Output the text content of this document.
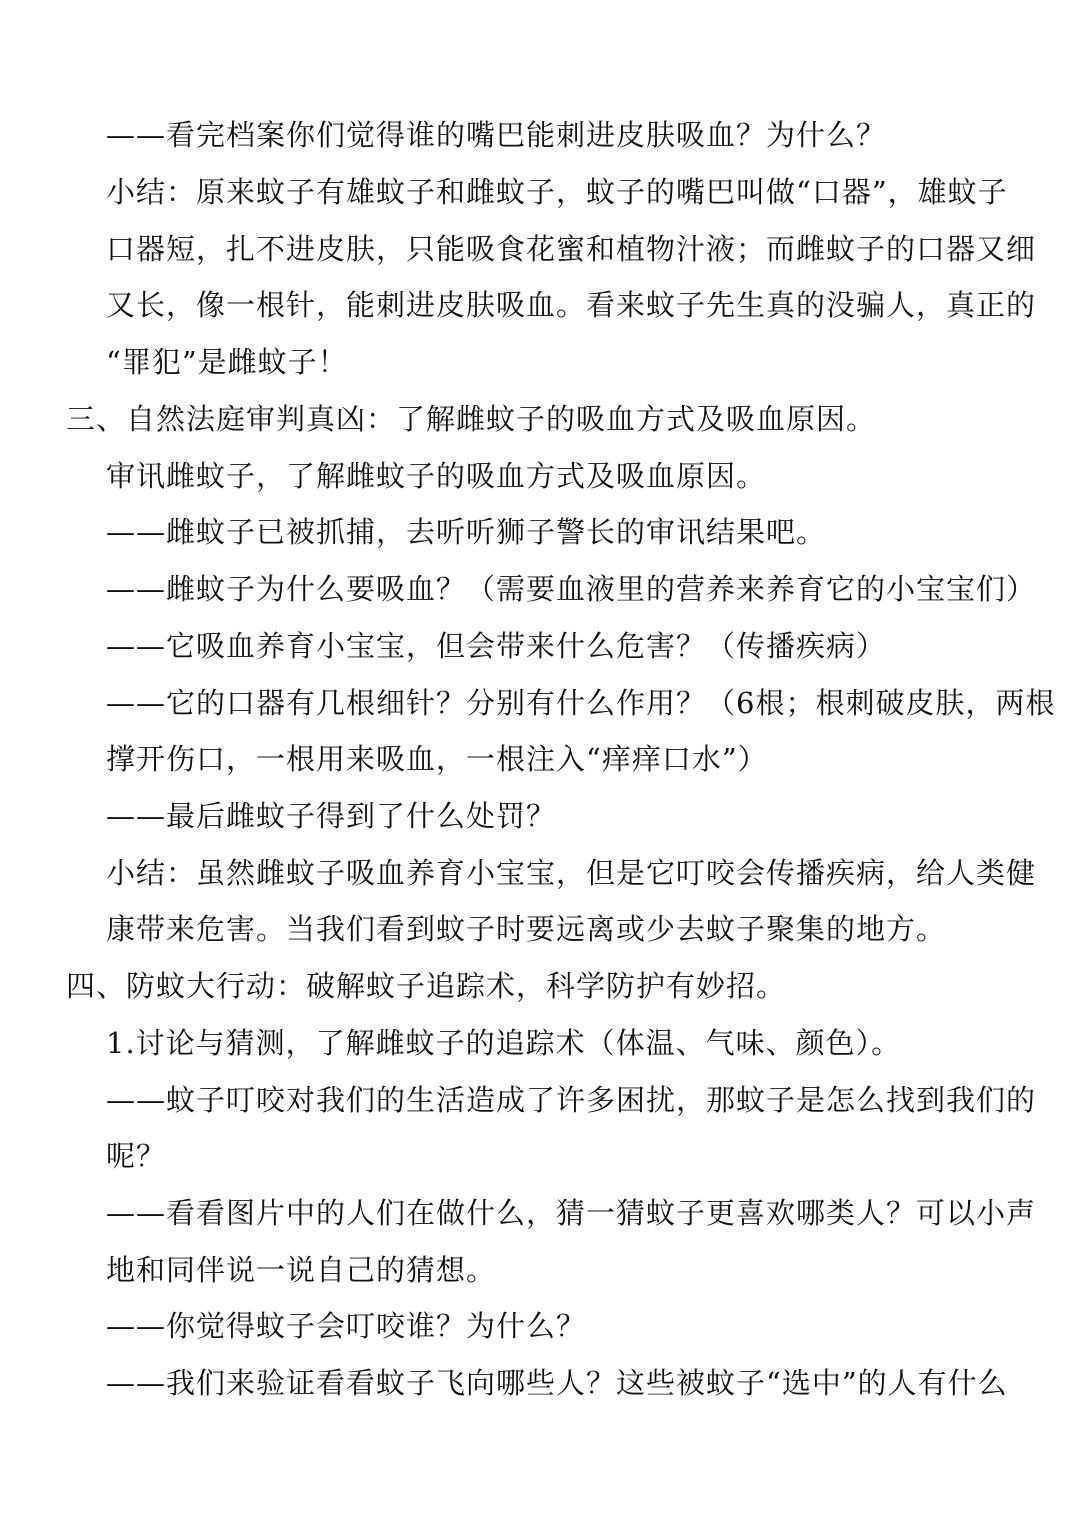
——看完档案你们觉得谁的嘴巴能刺进皮肤吸血？为什么？
小结：原来蚊子有雄蚊子和雌蚊子，蚊子的嘴巴叫做“口器”，雄蚊子
口器短，扎不进皮肤，只能吸食花蜜和植物汁液；而雌蚊子的口器又细
又长，像一根针，能刺进皮肤吸血。看来蚊子先生真的没骗人，真正的
“罪犯”是雌蚊子！
三、自然法庭审判真凶：了解雌蚊子的吸血方式及吸血原因。
审讯雌蚊子，了解雌蚊子的吸血方式及吸血原因。
——雌蚊子已被抓捕，去听听狮子警长的审讯结果吧。
——雌蚊子为什么要吸血？（需要血液里的营养来养育它的小宝宝们）
——它吸血养育小宝宝，但会带来什么危害？（传播疾病）
——它的口器有几根细针？分别有什么作用？（6根；根刺破皮肤，两根
撑开伤口，一根用来吸血，一根注入“痒痒口水”）
——最后雌蚊子得到了什么处罚？
小结：虽然雌蚊子吸血养育小宝宝，但是它叮咬会传播疾病，给人类健
康带来危害。当我们看到蚊子时要远离或少去蚊子聚集的地方。
四、防蚊大行动：破解蚊子追踪术，科学防护有妙招。
1.讨论与猜测，了解雌蚊子的追踪术（体温、气味、颜色）。
——蚊子叮咬对我们的生活造成了许多困扰，那蚊子是怎么找到我们的
呢？
——看看图片中的人们在做什么，猜一猜蚊子更喜欢哪类人？可以小声
地和同伴说一说自己的猜想。
——你觉得蚊子会叮咬谁？为什么？
——我们来验证看看蚊子飞向哪些人？这些被蚊子“选中”的人有什么
